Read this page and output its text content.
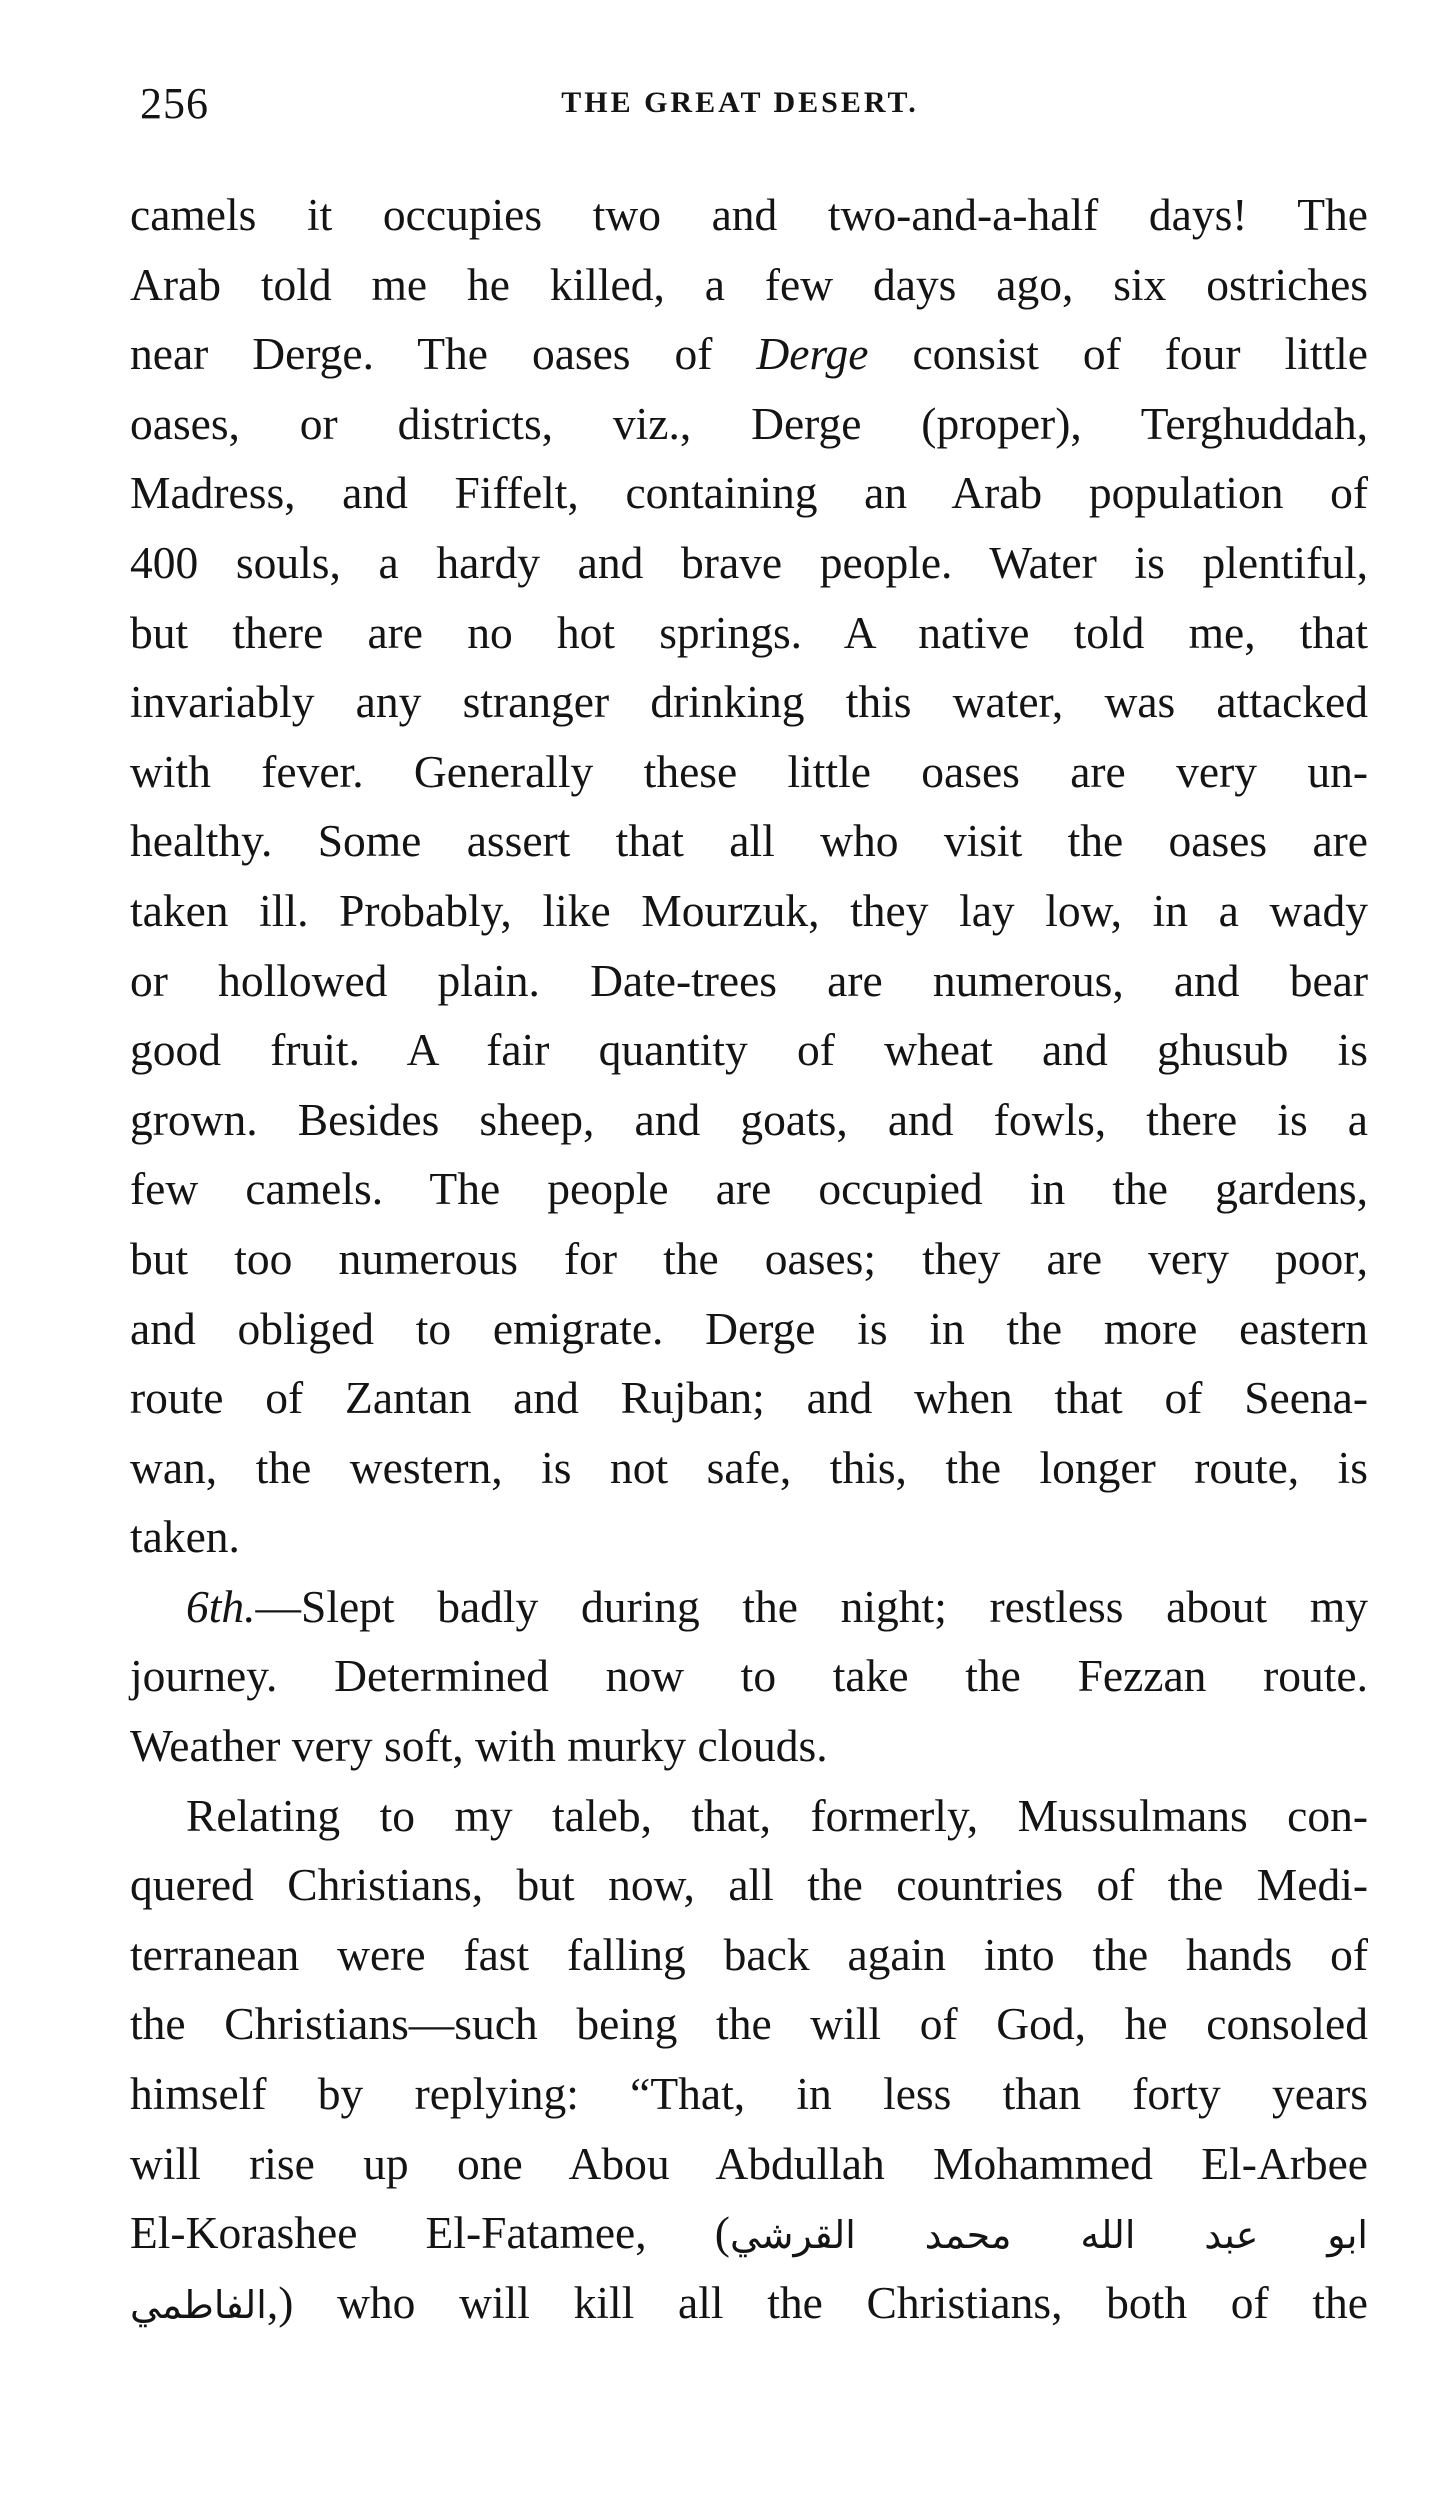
256	THE GREAT DESERT.
camels it occupies two and two-and-a-half days! The
Arab told me he killed, a few days ago, six ostriches
near Derge. The oases of Derge consist of four little
oases, or districts, viz., Derge (proper), Terghuddah,
Madress, and Fiffelt, containing an Arab population of
400 souls, a hardy and brave people. Water is plentiful,
but there are no hot springs. A native told me, that
invariably any stranger drinking this water, was attacked
with fever. Generally these little oases are very un-
healthy. Some assert that all who visit the oases are
taken ill. Probably, like Mourzuk, they lay low, in a wady
or hollowed plain. Date-trees are numerous, and bear
good fruit. A fair quantity of wheat and ghusub is
grown. Besides sheep, and goats, and fowls, there is a
few camels. The people are occupied in the gardens,
but too numerous for the oases; they are very poor,
and obliged to emigrate. Derge is in the more eastern
route of Zantan and Rujban; and when that of Seena-
wan, the western, is not safe, this, the longer route, is
taken.
6th.—Slept badly during the night; restless about my
journey. Determined now to take the Fezzan route.
Weather very soft, with murky clouds.
Relating to my taleb, that, formerly, Mussulmans con-
quered Christians, but now, all the countries of the Medi-
terranean were fast falling back again into the hands of
the Christians—such being the will of God, he consoled
himself by replying: “That, in less than forty years
will rise up one Abou Abdullah Mohammed El-Arbee
El-Korashee El-Fatamee, (ابو عبد الله محمد القرشي
الفاطمي,) who will kill all the Christians, both of the
